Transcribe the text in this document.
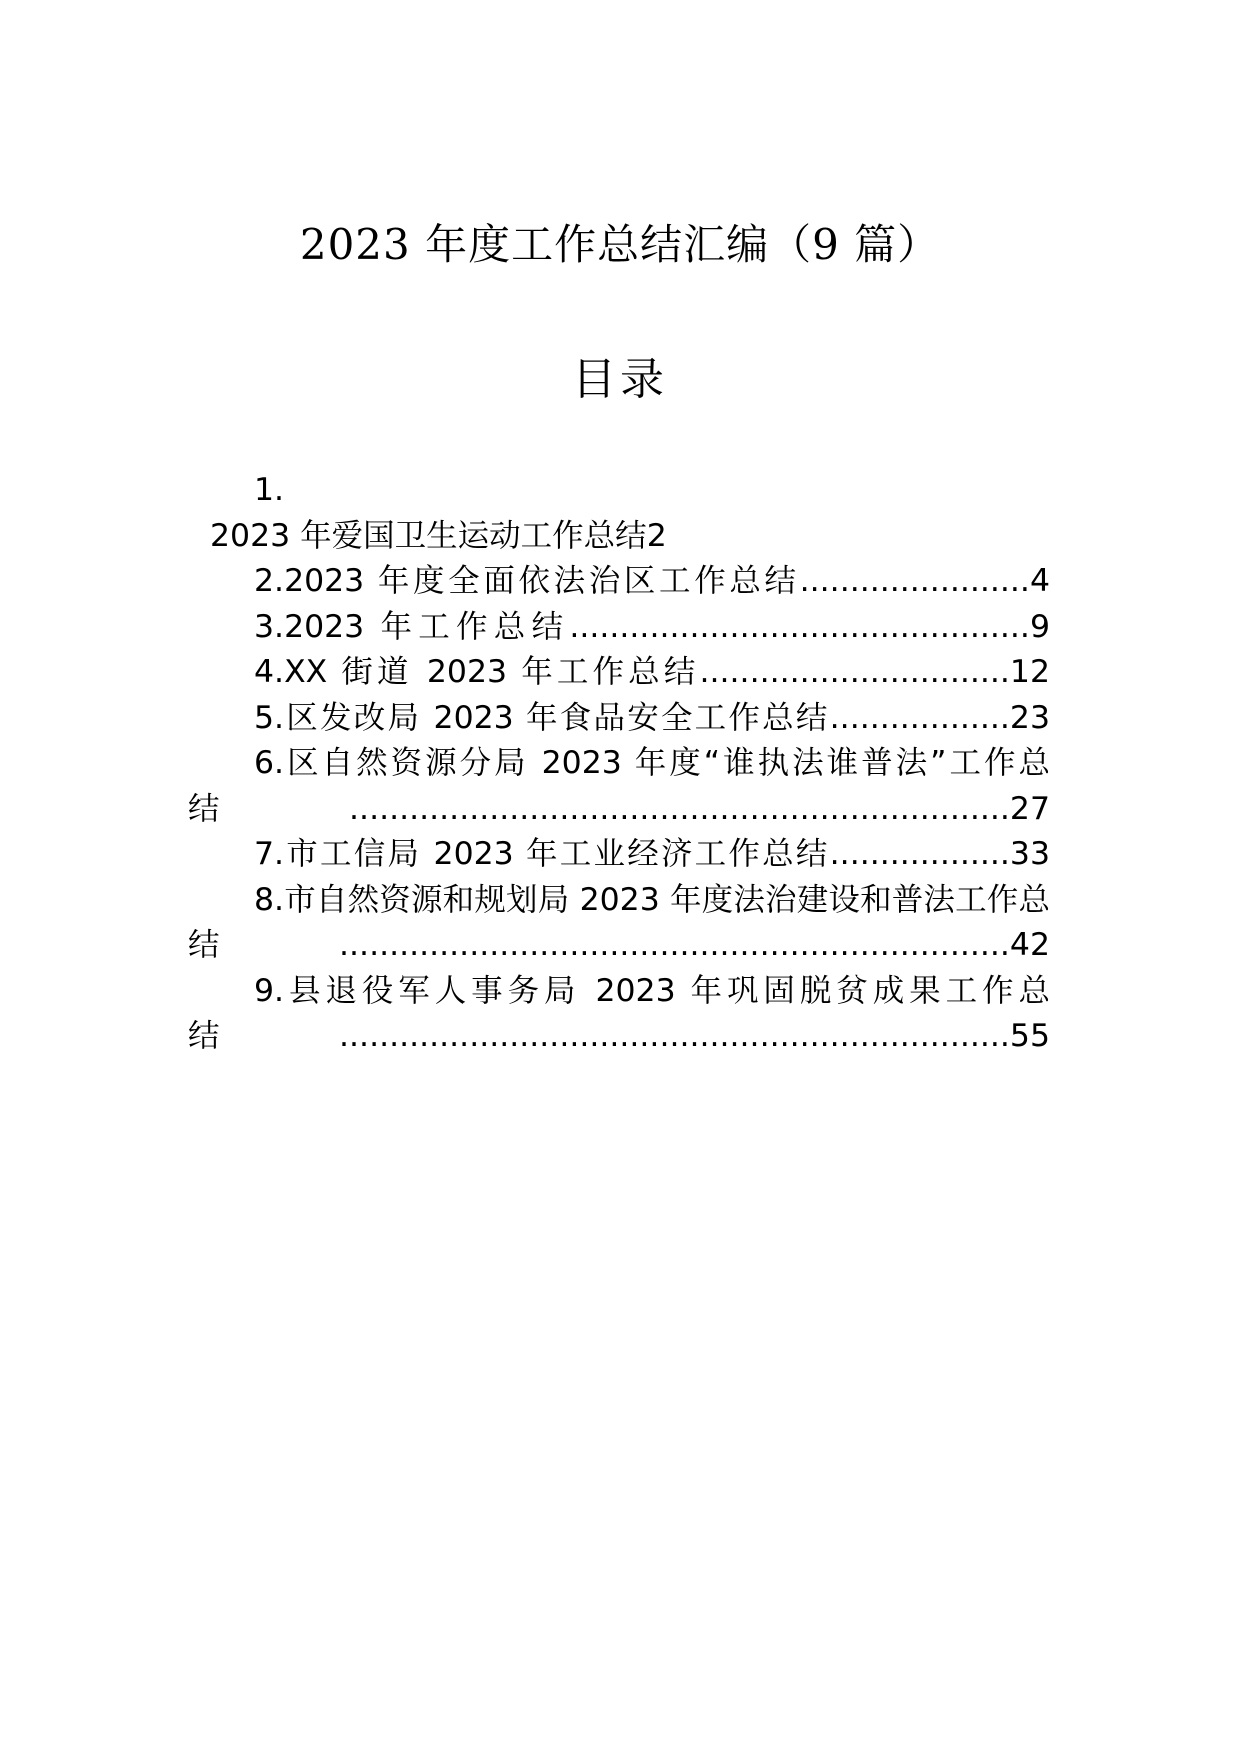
2023 年度工作总结汇编（9 篇）
目录

1.
2023 年爱国卫生运动工作总结2

2.2023 年度全面依法治区工作总结.......................4

3.2023 年工作总结..............................................9

4.XX 街道 2023 年工作总结...............................12

5.区发改局 2023 年食品安全工作总结..................23

6.区自然资源分局 2023 年度“谁执法谁普法”工作总结..................................................................27

7.市工信局 2023 年工业经济工作总结..................33

8.市自然资源和规划局 2023 年度法治建设和普法工作总结...................................................................42

9.县退役军人事务局 2023 年巩固脱贫成果工作总结...................................................................55
